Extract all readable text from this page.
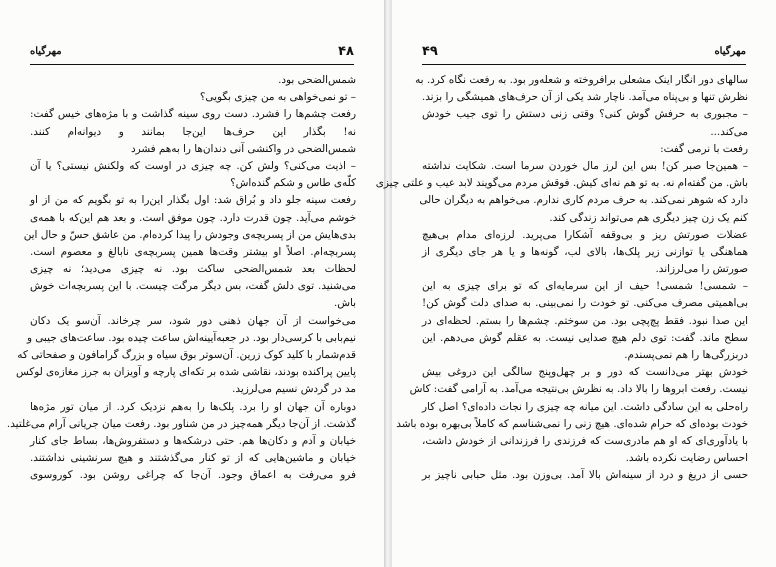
مهرگیاه	۴۸
شمس‌الضحی بود.
– تو نمی‌خواهی به من چیزی بگویی؟
رفعت چشم‌ها را فشرد. دست روی سینه گذاشت و با مژه‌های خیس گفت:
نه! بگذار این حرف‌ها این‌جا بمانند و دیوانه‌ام کنند.
شمس‌الضحی در واکنشی آنی دندان‌ها را به‌هم فشرد
– اذیت می‌کنی؟ ولش کن. چه چیزی در اوست که ولکنش نیستی؟ یا آن
کلّه‌ی طاس و شکم گنده‌اش؟
رفعت سینه جلو داد و بُراق شد: اول بگذار این‌را به تو بگویم که من از او
خوشم می‌آید. چون قدرت دارد. چون موفق است. و بعد هم این‌که با همه‌ی
بدی‌هایش من از پسربچه‌ی وجودش را پیدا کرده‌ام. من عاشق حسّ و حال این
پسربچه‌ام. اصلاً او بیشتر وقت‌ها همین پسربچه‌ی نابالغ و معصوم است.
لحظات بعد شمس‌الضحی ساکت بود. نه چیزی می‌دید؛ نه چیزی
می‌شنید. توی دلش گفت، بس دیگر مرگت چیست. با این پسربچه‌ات خوش
باش.
می‌خواست از آن جهان ذهنی دور شود، سر چرخاند. آن‌سو یک دکان
نیم‌بابی با کرسی‌دار بود. در جعبه‌آیینه‌اش ساعت چیده بود. ساعت‌های جیبی و
قدم‌شمار با کلید کوک زرین. آن‌سوتر بوق سیاه و بزرگ گرامافون و صفحاتی که
پایین پراکنده بودند، نقاشی شده بر تکه‌ای پارچه و آویزان به جرز مغازه‌ی لوکس
مد در گردش نسیم می‌لرزید.
دوباره آن جهان او را برد. پلک‌ها را به‌هم نزدیک کرد. از میان تور مژه‌ها
گذشت. از آن‌جا دیگر همه‌چیز در من شناور بود. رفعت میان جریانی آرام می‌غلتید.
خیابان و آدم و دکان‌ها هم. حتی درشکه‌ها و دستفروش‌ها، بساط جای کنار
خیابان و ماشین‌هایی که از تو کنار می‌گذشتند و هیچ سرنشینی نداشتند.
فرو می‌رفت به اعماق وجود. آن‌جا که چراغی روشن بود. کوروسوی
۴۹	مهرگیاه
سالهای دور انگار اینک مشعلی برافروخته و شعله‌ور بود. به رفعت نگاه کرد. به
نظرش تنها و بی‌پناه می‌آمد. ناچار شد یکی از آن حرف‌های همیشگی را بزند.
– مجبوری به حرفش گوش کنی؟ وقتی زنی دستش را توی جیب خودش
می‌کند...
رفعت با نرمی گفت:
– همین‌جا صبر کن! بس این لرز مال خوردن سرما است. شکایت نداشته
باش. من گفته‌ام نه. به تو هم نه‌ای کیش. فوقش مردم می‌گویند لابد عیب و علتی چیزی
دارد که شوهر نمی‌کند. به حرف مردم کاری ندارم. می‌خواهم به دیگران حالی
کنم یک زن چیز دیگری هم می‌تواند زندگی کند.
عضلات صورتش ریز و بی‌وقفه آشکارا می‌پرید. لرزه‌ای مدام بی‌هیچ
هماهنگی یا توازنی زیر پلک‌ها، بالای لب، گونه‌ها و یا هر جای دیگری از
صورتش را می‌لرزاند.
– شمسی! شمسی! حیف از این سرمایه‌ای که تو برای چیزی به این
بی‌اهمیتی مصرف می‌کنی. تو خودت را نمی‌بینی. به صدای دلت گوش کن!
این صدا نبود. فقط پچ‌پچی بود. من سوختم. چشم‌ها را بستم. لحظه‌ای در
سطح ماند. گفت: توی دلم هیچ صدایی نیست. به عقلم گوش می‌دهم. این
دربزرگی‌ها را هم نمی‌پسندم.
خودش بهتر می‌دانست که دور و بر چهل‌وپنج سالگی این دروغی بیش
نیست. رفعت ابروها را بالا داد. به نظرش بی‌نتیجه می‌آمد. به آرامی گفت: کاش
راه‌حلی به این سادگی داشت. این میانه چه چیزی را نجات داده‌ای؟ اصل کار
خودت بوده‌ای که حرام شده‌ای. هیچ زنی را نمی‌شناسم که کاملاً بی‌بهره بوده باشد
با یادآوری‌ای که او هم مادری‌ست که فرزندی را فرزندانی از خودش داشت،
احساس رضایت نکرده باشد.
حسی از دریغ و درد از سینه‌اش بالا آمد. بی‌وزن بود. مثل حبابی ناچیز بر
